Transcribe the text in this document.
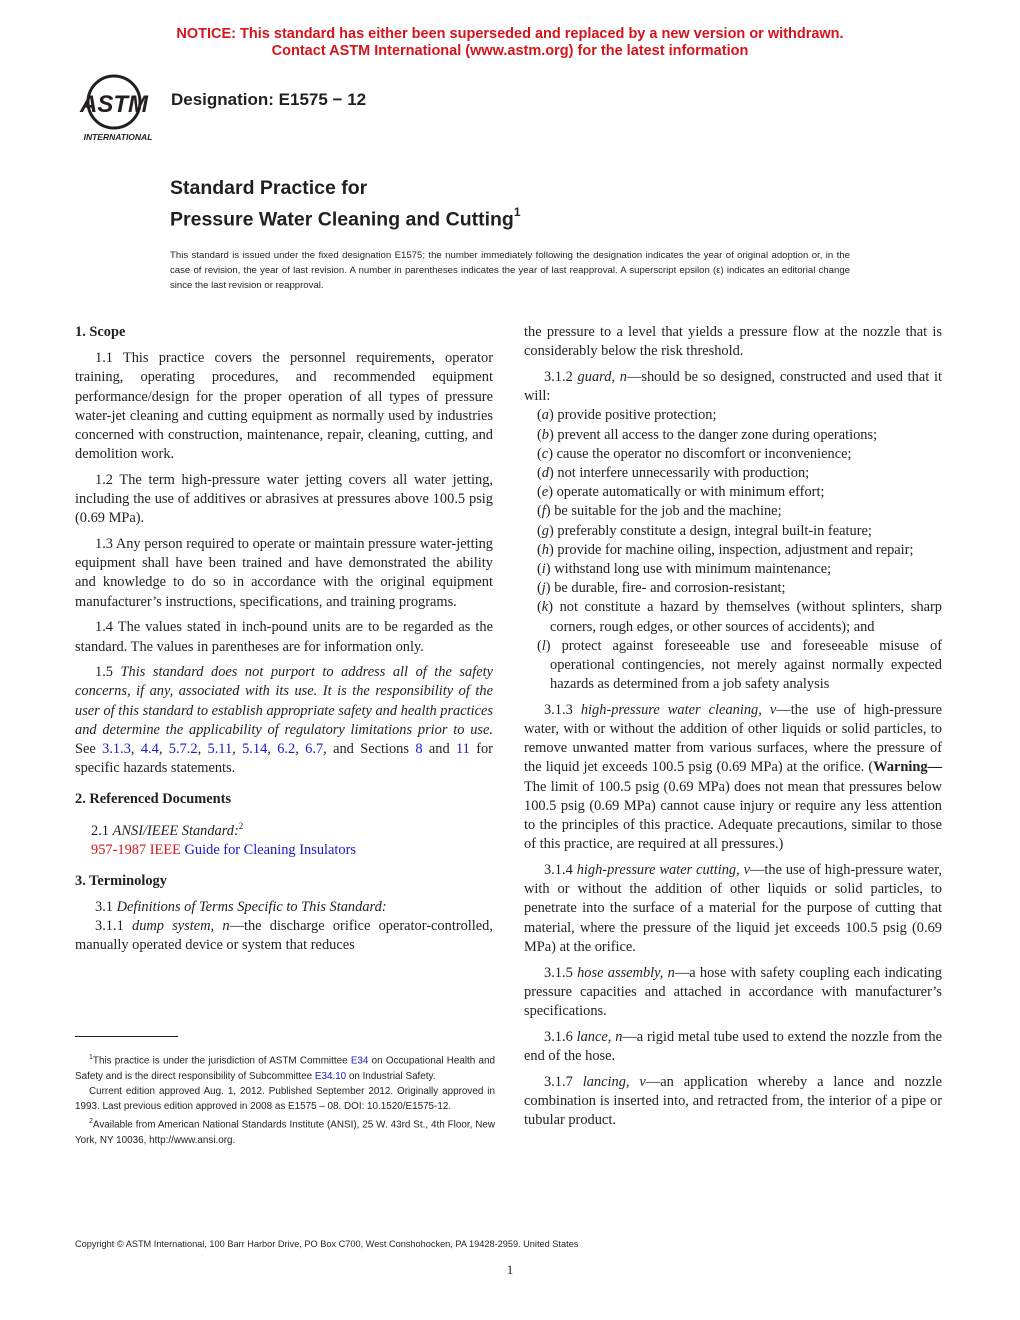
NOTICE: This standard has either been superseded and replaced by a new version or withdrawn.
Contact ASTM International (www.astm.org) for the latest information
ASTM
INTERNATIONAL
Designation: E1575 − 12
Standard Practice for
Pressure Water Cleaning and Cutting$^1$
This standard is issued under the fixed designation E1575; the number immediately following the designation indicates the year of original adoption or, in the case of revision, the year of last revision. A number in parentheses indicates the year of last reapproval. A superscript epsilon (ε) indicates an editorial change since the last revision or reapproval.
1. Scope

1.1 This practice covers the personnel requirements, operator training, operating procedures, and recommended equipment performance/design for the proper operation of all types of pressure water-jet cleaning and cutting equipment as normally used by industries concerned with construction, maintenance, repair, cleaning, cutting, and demolition work.

1.2 The term high-pressure water jetting covers all water jetting, including the use of additives or abrasives at pressures above 100.5 psig (0.69 MPa).

1.3 Any person required to operate or maintain pressure water-jetting equipment shall have been trained and have demonstrated the ability and knowledge to do so in accordance with the original equipment manufacturer’s instructions, specifications, and training programs.

1.4 The values stated in inch-pound units are to be regarded as the standard. The values in parentheses are for information only.

1.5 This standard does not purport to address all of the safety concerns, if any, associated with its use. It is the responsibility of the user of this standard to establish appropriate safety and health practices and determine the applicability of regulatory limitations prior to use. See 3.1.3, 4.4, 5.7.2, 5.11, 5.14, 6.2, 6.7, and Sections 8 and 11 for specific hazards statements.

2. Referenced Documents

2.1 ANSI/IEEE Standard:$^2$
957-1987 IEEE Guide for Cleaning Insulators

3. Terminology

3.1 Definitions of Terms Specific to This Standard:

3.1.1 dump system, n—the discharge orifice operator-controlled, manually operated device or system that reduces

the pressure to a level that yields a pressure flow at the nozzle that is considerably below the risk threshold.

3.1.2 guard, n—should be so designed, constructed and used that it will:

(a) provide positive protection;
(b) prevent all access to the danger zone during operations;
(c) cause the operator no discomfort or inconvenience;
(d) not interfere unnecessarily with production;
(e) operate automatically or with minimum effort;
(f) be suitable for the job and the machine;
(g) preferably constitute a design, integral built-in feature;
(h) provide for machine oiling, inspection, adjustment and repair;
(i) withstand long use with minimum maintenance;
(j) be durable, fire- and corrosion-resistant;
(k) not constitute a hazard by themselves (without splinters, sharp corners, rough edges, or other sources of accidents); and
(l) protect against foreseeable use and foreseeable misuse of operational contingencies, not merely against normally expected hazards as determined from a job safety analysis

3.1.3 high-pressure water cleaning, v—the use of high-pressure water, with or without the addition of other liquids or solid particles, to remove unwanted matter from various surfaces, where the pressure of the liquid jet exceeds 100.5 psig (0.69 MPa) at the orifice. (Warning—The limit of 100.5 psig (0.69 MPa) does not mean that pressures below 100.5 psig (0.69 MPa) cannot cause injury or require any less attention to the principles of this practice. Adequate precautions, similar to those of this practice, are required at all pressures.)

3.1.4 high-pressure water cutting, v—the use of high-pressure water, with or without the addition of other liquids or solid particles, to penetrate into the surface of a material for the purpose of cutting that material, where the pressure of the liquid jet exceeds 100.5 psig (0.69 MPa) at the orifice.

3.1.5 hose assembly, n—a hose with safety coupling each indicating pressure capacities and attached in accordance with manufacturer’s specifications.

3.1.6 lance, n—a rigid metal tube used to extend the nozzle from the end of the hose.

3.1.7 lancing, v—an application whereby a lance and nozzle combination is inserted into, and retracted from, the interior of a pipe or tubular product.

$^1$This practice is under the jurisdiction of ASTM Committee E34 on Occupational Health and Safety and is the direct responsibility of Subcommittee E34.10 on Industrial Safety.

Current edition approved Aug. 1, 2012. Published September 2012. Originally approved in 1993. Last previous edition approved in 2008 as E1575 – 08. DOI: 10.1520/E1575-12.

$^2$Available from American National Standards Institute (ANSI), 25 W. 43rd St., 4th Floor, New York, NY 10036, http://www.ansi.org.

Copyright © ASTM International, 100 Barr Harbor Drive, PO Box C700, West Conshohocken, PA 19428-2959. United States
1
